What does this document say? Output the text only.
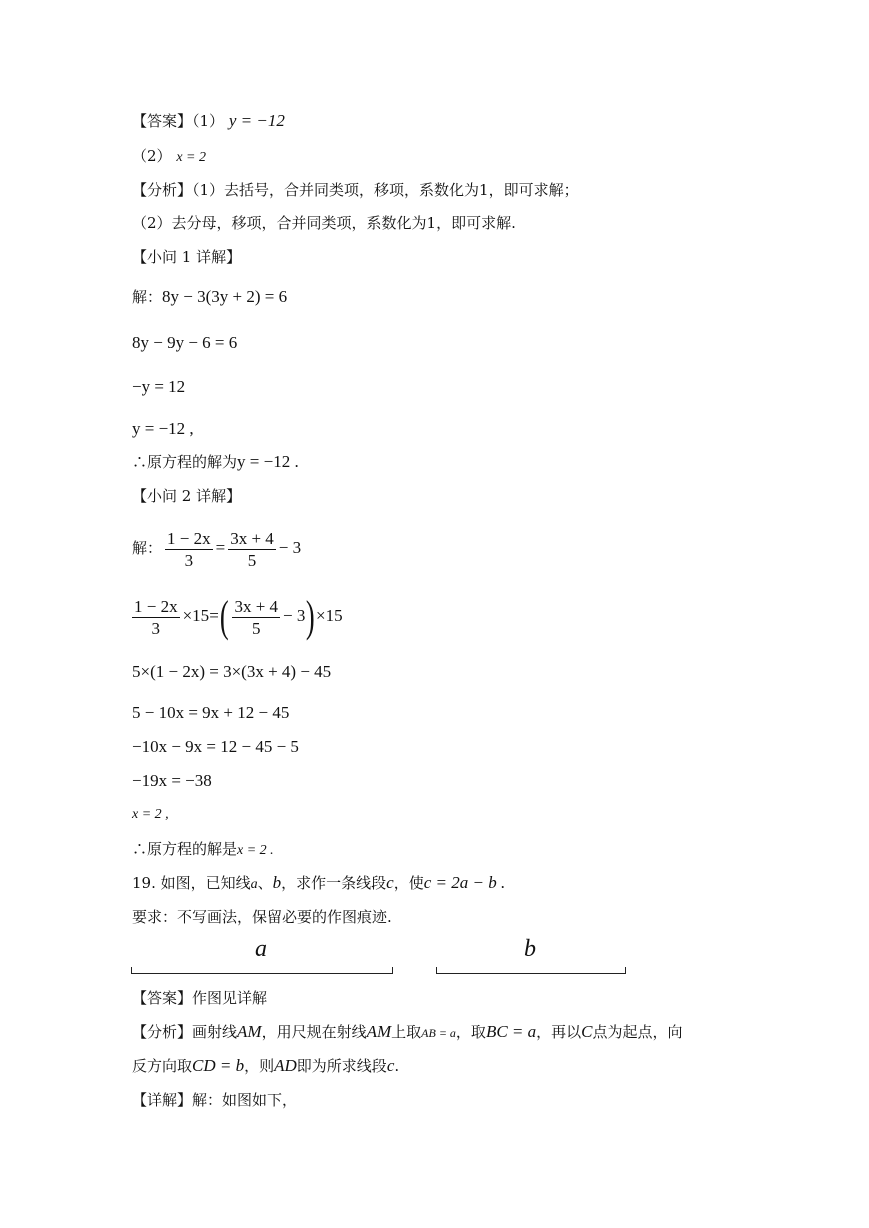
【答案】（1） y = −12
（2） x = 2
【分析】（1）去括号，合并同类项，移项，系数化为1，即可求解；
（2）去分母，移项，合并同类项，系数化为1，即可求解.
【小问 1 详解】
解：8y − 3(3y + 2) = 6
8y − 9y − 6 = 6
−y = 12
y = −12 ,
∴原方程的解为y = −12 .
【小问 2 详解】
解： $\frac{1 - 2x}{3} = \frac{3x + 4}{5} - 3$
$\frac{1 - 2x}{3} \times 15=( \frac{3x + 4}{5} - 3)\times 15$
5×(1 − 2x) = 3×(3x + 4) − 45
5 − 10x = 9x + 12 − 45
−10x − 9x = 12 − 45 − 5
−19x = −38
x = 2 ,
∴原方程的解是x = 2 .
19. 如图，已知线a、b，求作一条线段c，使c = 2a − b .
要求：不写画法，保留必要的作图痕迹.
a	b
【答案】作图见详解
【分析】画射线AM，用尺规在射线AM上取AB = a，取BC = a，再以C点为起点，向
反方向取CD = b，则AD即为所求线段c.
【详解】解：如图如下，
